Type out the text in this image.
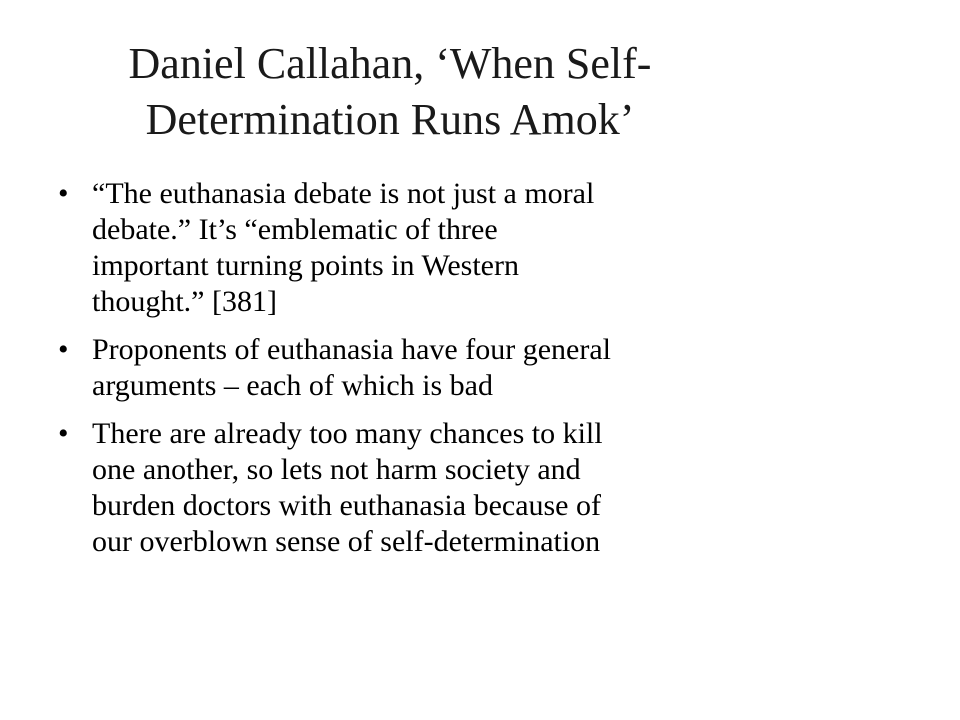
Daniel Callahan, ‘When Self-
Determination Runs Amok’
• “The euthanasia debate is not just a moral
debate.” It’s “emblematic of three
important turning points in Western
thought.” [381]
• Proponents of euthanasia have four general
arguments – each of which is bad
• There are already too many chances to kill
one another, so lets not harm society and
burden doctors with euthanasia because of
our overblown sense of self-determination
